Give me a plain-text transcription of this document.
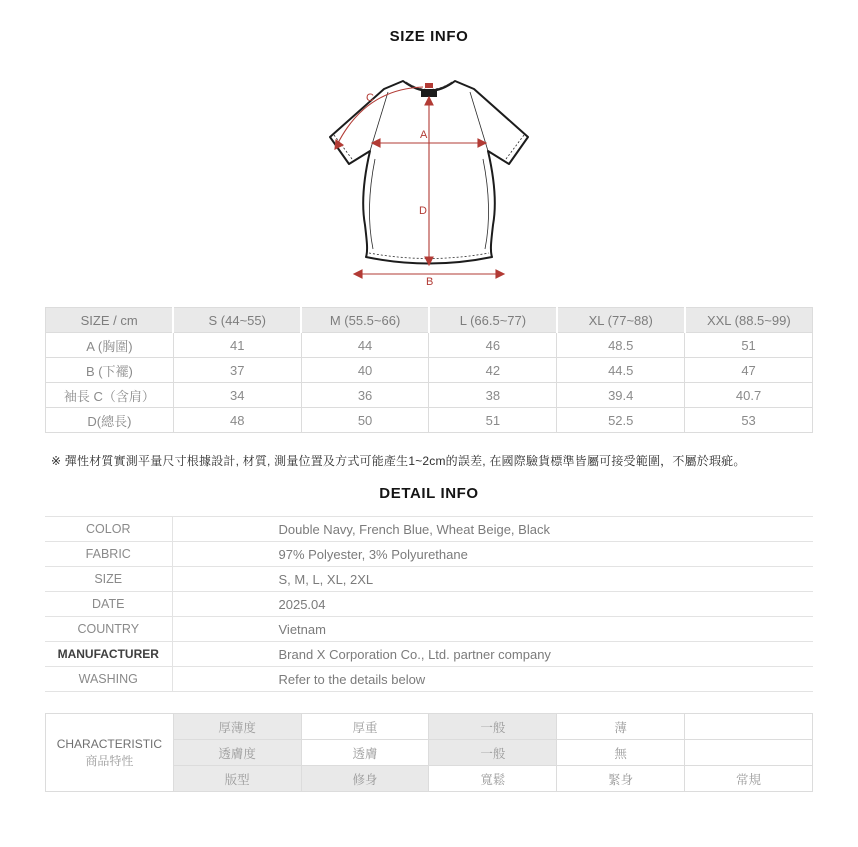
SIZE INFO
A
B
C
D
SIZE / cm	S (44~55)	M (55.5~66)	L (66.5~77)	XL (77~88)	XXL (88.5~99)
A (胸圍)	41	44	46	48.5	51
B (下襬)	37	40	42	44.5	47
袖長 C（含肩）	34	36	38	39.4	40.7
D(總長)	48	50	51	52.5	53
※ 彈性材質實測平量尺寸根據設計, 材質, 測量位置及方式可能產生1~2cm的誤差, 在國際驗貨標準皆屬可接受範圍，不屬於瑕疵。
DETAIL INFO
COLOR	Double Navy, French Blue, Wheat Beige, Black
FABRIC	97% Polyester, 3% Polyurethane
SIZE	S, M, L, XL, 2XL
DATE	2025.04
COUNTRY	Vietnam
MANUFACTURER	Brand X Corporation Co., Ltd. partner company
WASHING	Refer to the details below
CHARACTERISTIC
商品特性	厚薄度	厚重	一般	薄	
	透膚度	透膚	一般	無	
	版型	修身	寬鬆	緊身	常規
